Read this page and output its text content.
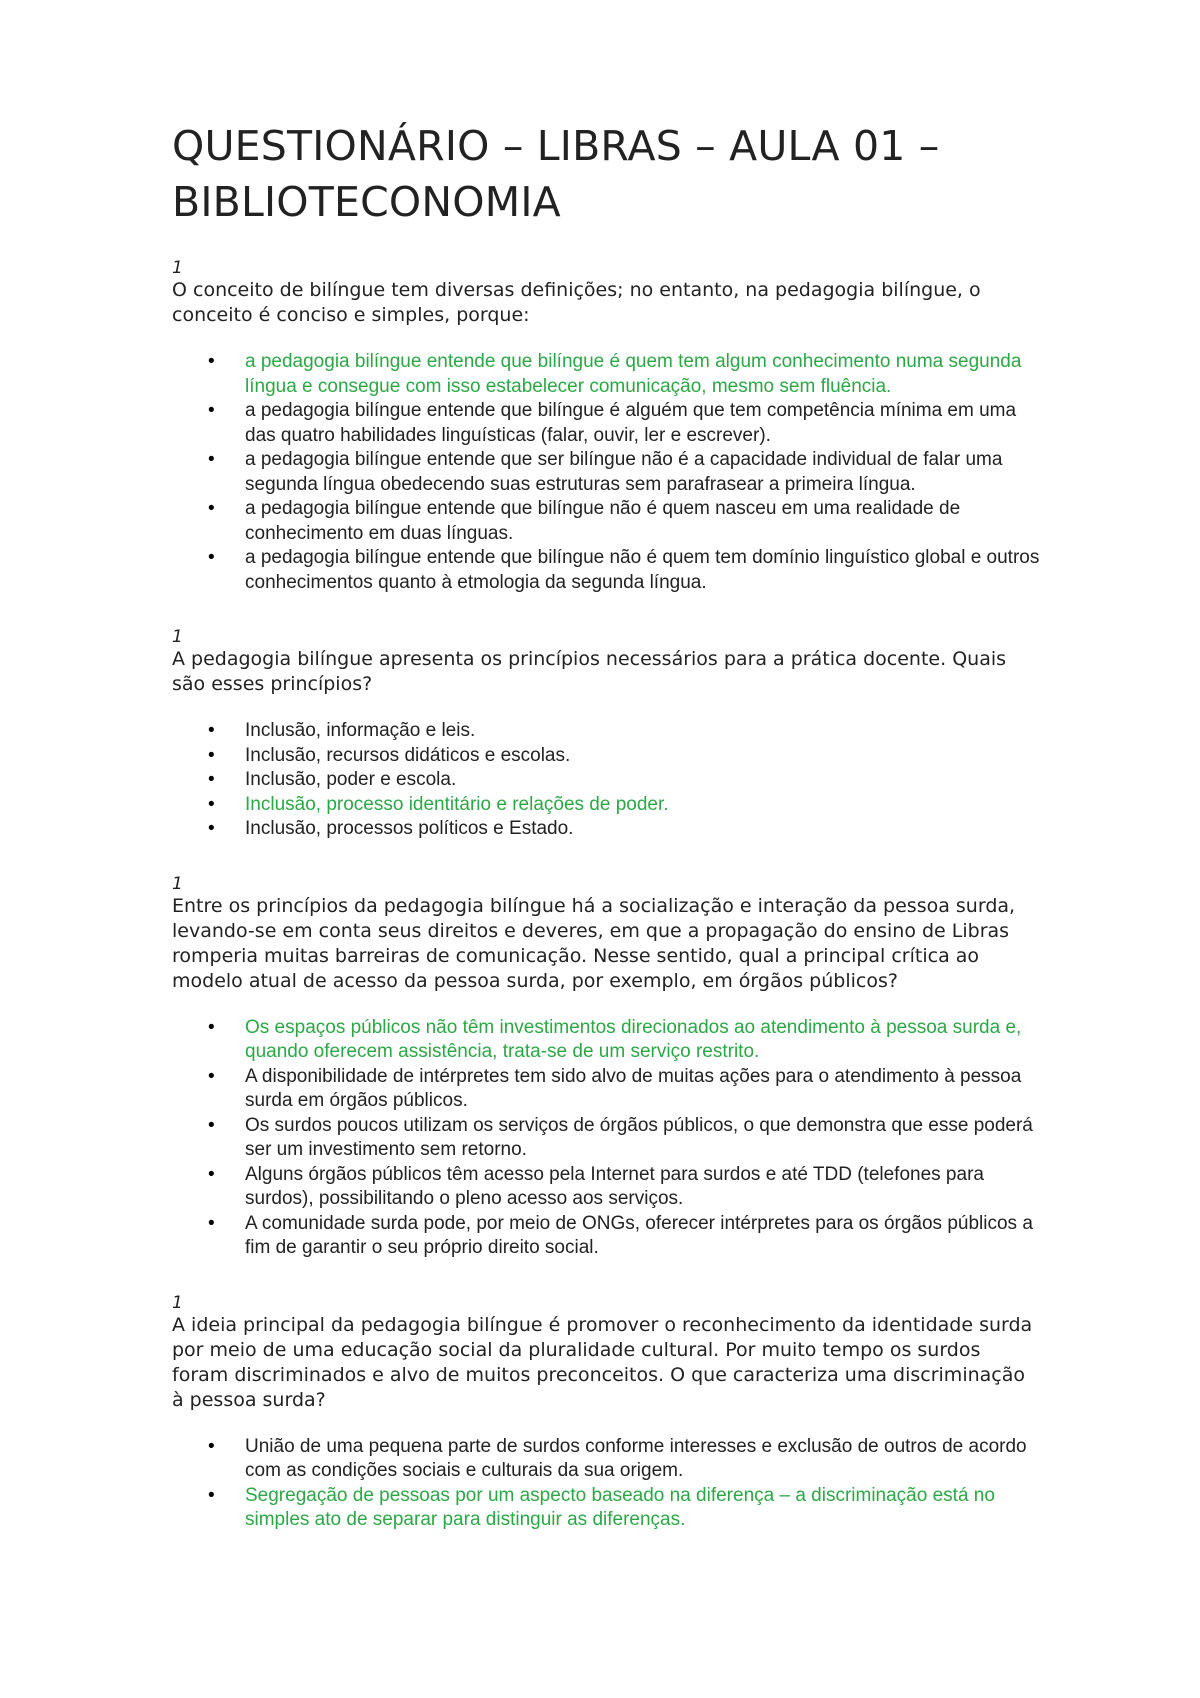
QUESTIONÁRIO – LIBRAS – AULA 01 – BIBLIOTECONOMIA

1

O conceito de bilíngue tem diversas definições; no entanto, na pedagogia bilíngue, o conceito é conciso e simples, porque:

• a pedagogia bilíngue entende que bilíngue é quem tem algum conhecimento numa segunda língua e consegue com isso estabelecer comunicação, mesmo sem fluência.
• a pedagogia bilíngue entende que bilíngue é alguém que tem competência mínima em uma das quatro habilidades linguísticas (falar, ouvir, ler e escrever).
• a pedagogia bilíngue entende que ser bilíngue não é a capacidade individual de falar uma segunda língua obedecendo suas estruturas sem parafrasear a primeira língua.
• a pedagogia bilíngue entende que bilíngue não é quem nasceu em uma realidade de conhecimento em duas línguas.
• a pedagogia bilíngue entende que bilíngue não é quem tem domínio linguístico global e outros conhecimentos quanto à etmologia da segunda língua.

1

A pedagogia bilíngue apresenta os princípios necessários para a prática docente. Quais são esses princípios?

• Inclusão, informação e leis.
• Inclusão, recursos didáticos e escolas.
• Inclusão, poder e escola.
• Inclusão, processo identitário e relações de poder.
• Inclusão, processos políticos e Estado.

1

Entre os princípios da pedagogia bilíngue há a socialização e interação da pessoa surda, levando-se em conta seus direitos e deveres, em que a propagação do ensino de Libras romperia muitas barreiras de comunicação. Nesse sentido, qual a principal crítica ao modelo atual de acesso da pessoa surda, por exemplo, em órgãos públicos?

• Os espaços públicos não têm investimentos direcionados ao atendimento à pessoa surda e, quando oferecem assistência, trata-se de um serviço restrito.
• A disponibilidade de intérpretes tem sido alvo de muitas ações para o atendimento à pessoa surda em órgãos públicos.
• Os surdos poucos utilizam os serviços de órgãos públicos, o que demonstra que esse poderá ser um investimento sem retorno.
• Alguns órgãos públicos têm acesso pela Internet para surdos e até TDD (telefones para surdos), possibilitando o pleno acesso aos serviços.
• A comunidade surda pode, por meio de ONGs, oferecer intérpretes para os órgãos públicos a fim de garantir o seu próprio direito social.

1

A ideia principal da pedagogia bilíngue é promover o reconhecimento da identidade surda por meio de uma educação social da pluralidade cultural. Por muito tempo os surdos foram discriminados e alvo de muitos preconceitos. O que caracteriza uma discriminação à pessoa surda?

• União de uma pequena parte de surdos conforme interesses e exclusão de outros de acordo com as condições sociais e culturais da sua origem.
• Segregação de pessoas por um aspecto baseado na diferença – a discriminação está no simples ato de separar para distinguir as diferenças.
